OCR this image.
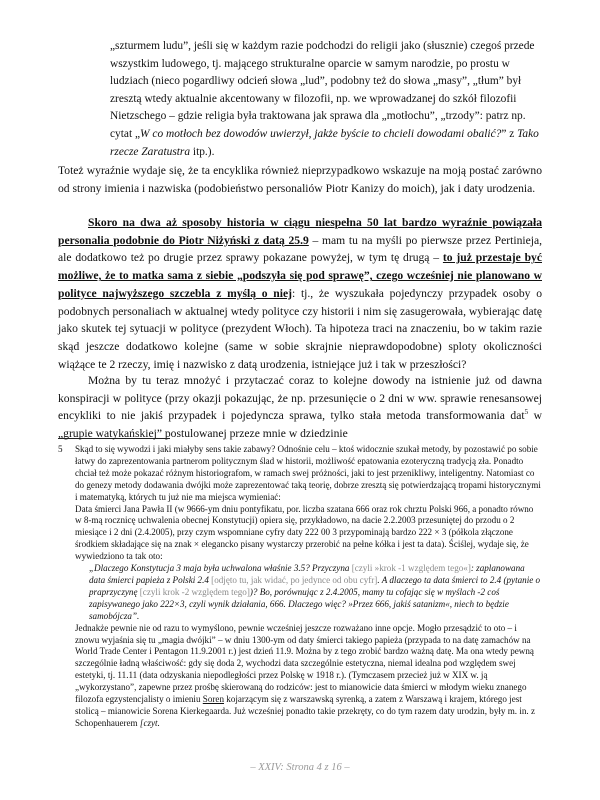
„szturmem ludu”, jeśli się w każdym razie podchodzi do religii jako (słusznie) czegoś przede wszystkim ludowego, tj. mającego strukturalne oparcie w samym narodzie, po prostu w ludziach (nieco pogardliwy odcień słowa „lud”, podobny też do słowa „masy”, „tłum” był zresztą wtedy aktualnie akcentowany w filozofii, np. we wprowadzanej do szkół filozofii Nietzschego – gdzie religia była traktowana jak sprawa dla „motłochu”, „trzody”: patrz np. cytat „W co motłoch bez dowodów uwierzył, jakże byście to chcieli dowodami obalić?” z Tako rzecze Zaratustra itp.).

Toteż wyraźnie wydaje się, że ta encyklika również nieprzypadkowo wskazuje na moją postać zarówno od strony imienia i nazwiska (podobieństwo personaliów Piotr Kanizy do moich), jak i daty urodzenia.

Skoro na dwa aż sposoby historia w ciągu niespełna 50 lat bardzo wyraźnie powiązała personalia podobnie do Piotr Niżyński z datą 25.9 – mam tu na myśli po pierwsze przez Pertinieja, ale dodatkowo też po drugie przez sprawy pokazane powyżej, w tym tę drugą – to już przestaje być możliwe, że to matka sama z siebie „podszyła się pod sprawę”, czego wcześniej nie planowano w polityce najwyższego szczebla z myślą o niej: tj., że wyszukała pojedynczy przypadek osoby o podobnych personaliach w aktualnej wtedy polityce czy historii i nim się zasugerowała, wybierając datę jako skutek tej sytuacji w polityce (prezydent Włoch). Ta hipoteza traci na znaczeniu, bo w takim razie skąd jeszcze dodatkowo kolejne (same w sobie skrajnie nieprawdopodobne) sploty okoliczności wiążące te 2 rzeczy, imię i nazwisko z datą urodzenia, istniejące już i tak w przeszłości?

Można by tu teraz mnożyć i przytaczać coraz to kolejne dowody na istnienie już od dawna konspiracji w polityce (przy okazji pokazując, że np. przesunięcie o 2 dni w ww. sprawie renesansowej encykliki to nie jakiś przypadek i pojedyncza sprawa, tylko stała metoda transformowania dat$^5$ w „grupie watykańskiej” postulowanej przeze mnie w dziedzinie

5 Skąd to się wywodzi i jaki miałyby sens takie zabawy? Odnośnie celu – ktoś widocznie szukał metody, by pozostawić po sobie łatwy do zaprezentowania partnerom politycznym ślad w historii, możliwość epatowania ezoteryczną tradycją zła. Ponadto chciał też może pokazać różnym historiografom, w ramach swej próżności, jaki to jest przenikliwy, inteligentny. Natomiast co do genezy metody dodawania dwójki może zaprezentować taką teorię, dobrze zresztą się potwierdzającą tropami historycznymi i matematyką, których tu już nie ma miejsca wymieniać:

Data śmierci Jana Pawła II (w 9666-ym dniu pontyfikatu, por. liczba szatana 666 oraz rok chrztu Polski 966, a ponadto równo w 8-mą rocznicę uchwalenia obecnej Konstytucji) opiera się, przykładowo, na dacie 2.2.2003 przesuniętej do przodu o 2 miesiące i 2 dni (2.4.2005), przy czym wspomniane cyfry daty 222 00 3 przypominają bardzo 222 × 3 (półkola złączone środkiem składające się na znak × elegancko pisany wystarczy przerobić na pełne kółka i jest ta data). Ściślej, wydaje się, że wywiedziono ta tak oto:

„Dlaczego Konstytucja 3 maja była uchwalona właśnie 3.5? Przyczyna [czyli »krok -1 względem tego«]: zaplanowana data śmierci papieża z Polski 2.4 [odjęto tu, jak widać, po jedynce od obu cyfr]. A dlaczego ta data śmierci to 2.4 (pytanie o praprzyczynę [czyli krok -2 względem tego])? Bo, porównując z 2.4.2005, mamy tu cofając się w myślach -2 coś zapisywanego jako 222×3, czyli wynik działania, 666. Dlaczego więc? »Przez 666, jakiś satanizm«, niech to będzie samobójcza”.

Jednakże pewnie nie od razu to wymyślono, pewnie wcześniej jeszcze rozważano inne opcje. Mogło przesądzić to oto – i znowu wyjaśnia się tu „magia dwójki” – w dniu 1300-ym od daty śmierci takiego papieża (przypada to na datę zamachów na World Trade Center i Pentagon 11.9.2001 r.) jest dzień 11.9. Można by z tego zrobić bardzo ważną datę. Ma ona wtedy pewną szczególnie ładną właściwość: gdy się doda 2, wychodzi data szczególnie estetyczna, niemal idealna pod względem swej estetyki, tj. 11.11 (data odzyskania niepodległości przez Polskę w 1918 r.). (Tymczasem przecież już w XIX w. ją „wykorzystano”, zapewne przez prośbę skierowaną do rodziców: jest to mianowicie data śmierci w młodym wieku znanego filozofa egzystencjalisty o imieniu Soren kojarzącym się z warszawską syrenką, a zatem z Warszawą i krajem, którego jest stolicą – mianowicie Sorena Kierkegaarda. Już wcześniej ponadto takie przekręty, co do tym razem daty urodzin, były m. in. z Schopenhauerem [czyt.

– XXIV: Strona 4 z 16 –
